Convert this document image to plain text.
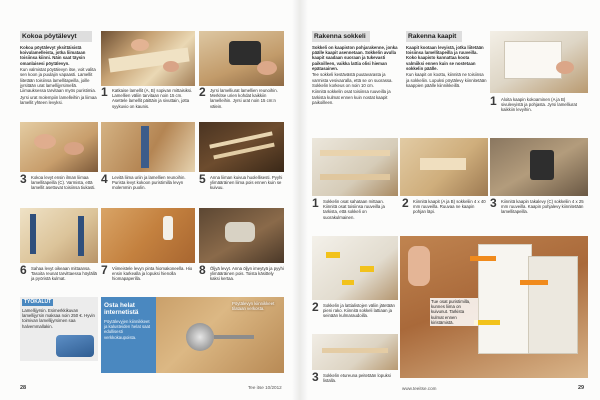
Kokoa pöytälevyt

Kokoa pöytälevyt yksittäisistä koivulamelleista, jotka liimataan toisiinsa kiinni. Näin saat täysin omanlaisesi pöytälevyn.

Kun valmistat pöytälevyn itse, voit valita sen koon ja puulajin vapaasti. Lamellit liitetään toisiinsa lamellitapeilla, joille jyrsitään urat lamellijyrsimellä. Liimauksessa tarvitaan myös puristimia.

Jyrsi urat molempiin lamelleihin ja liimaa lamellit yhteen levyksi.

1 Katkaise lamellit (A, B) sopivan mittaisiksi. Lamellien väliin tarvitaan noin 15 cm. Asettele lamellit päittäin ja sivuttain, jotta syykuvio on kaunis.
2 Jyrsi lamelliurat lamellien reunoihin. Merkitse urien kohdat kaikkiin lamelleihin. Jyrsi urat noin 15 cm:n välein.
3 Kokoa levyt ensin ilman liimaa lamellitapeilla (C). Varmista, että lamellit asettuvat toisiinsa tiukasti.
4 Levitä liima uriin ja lamellien reunoihin. Purista levyt kokoon puristimilla levyn molemmin puolin.
5 Anna liiman kuivua huolellisesti. Pyyhi ylimääräinen liima pois ennen kuin se kuivuu.
6 Sahaa levyt oikeaan mittaansa. Tasoita reunat tarvittaessa höylällä ja pyöristä kulmat.
7 Viimeistele levyn pinta hiomakoneella. Hio ensin karkealla ja lopuksi hienolla hiomapaperilla.
8 Öljyä levyt. Anna öljyn imeytyä ja pyyhi ylimääräinen pois. Toista käsittely kaksi kertaa.
TYÖKALUT
Lamellijyrsin. Esimerkkikuvan lamellijyrsin maksaa noin 250 €. Hyvin toimivan lamellijyrsimen saa halvemmallakin.
Osta helat internetistä
Pöytälevyjen kiinnikkeet ja kalusteiden helat saat edullisesti verkkokaupoista.
Pöytälevyn kiinnikkeet tilataan verkosta.
28	Tee itse 10/2012
Rakenna sokkeli

Sokkeli on kaapiston pohjarakenne, jonka päälle kaapit asennetaan. Sokkelin avulla kaapit saadaan suoraan ja tukevasti paikoilleen, vaikka lattia olisi hieman epätasainen.

Tee sokkeli kestävästä puutavarasta ja varmista vesivaa'alla, että se on suorassa. Sokkelin korkeus on noin 10 cm.

Kiinnitä sokkelin osat toisiinsa ruuveilla ja tarkista kulmat ennen kuin nostat kaapit paikoilleen.

Rakenna kaapit

Kaapit kootaan levyistä, jotka liitetään toisiinsa lamellitapeilla ja ruuveilla. Koko kaapisto kannattaa koota valmiiksi ennen kuin se nostetaan sokkelin päälle.

Kun kaapit on koottu, kiinnitä ne toisiinsa ja sokkeliin. Lopuksi pöytälevy kiinnitetään kaappien päälle kiinnikkeillä.

1 Aloita kaapin kokoaminen (A ja B) sivulevyistä ja pohjasta. Jyrsi lamelliurat kaikkiin levyihin.
1 Sokkelin osat sahataan mittaan. Kiinnitä osat toisiinsa ruuveilla ja tarkista, että sokkeli on suorakulmainen.
2 Kiinnitä kaapit (A ja B) sokkeliin 4 x 40 mm ruuveilla. Ruuvaa ne kaapin pohjan läpi.
3 Kiinnitä kaapin takalevy (C) sokkeliin 4 x 25 mm ruuveilla. Kaapin pohjalevy kiinnitetään lamellitapeilla.
Tue osat puristimilla, kunnes liima on kuivunut. Tarkista kulmat ennen kiristämistä.
2 Sokkelin ja lattialistojen väliin jätetään pieni rako. Kiinnitä sokkeli lattiaan ja seinään kulmaraudoilla.
3 Sokkelin etureuna peitetään lopuksi listalla.
www.teeitse.com	29
